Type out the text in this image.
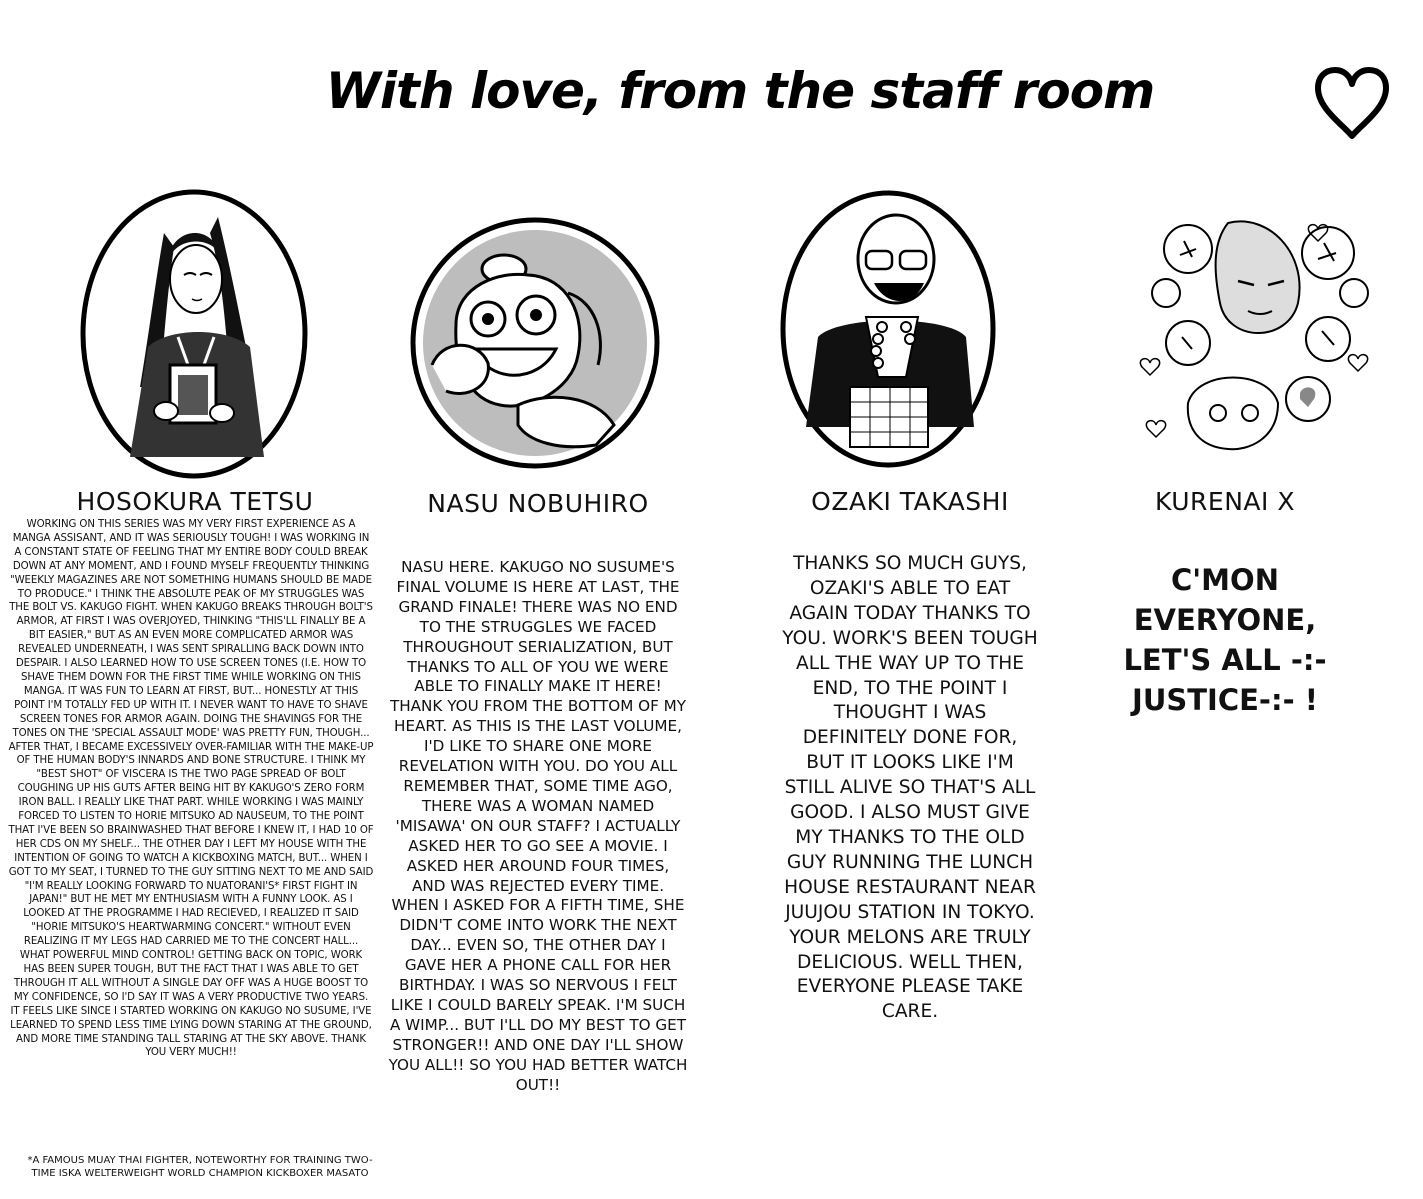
With love, from the staff room
HOSOKURA TETSU	NASU NOBUHIRO	OZAKI TAKASHI	KURENAI X
WORKING ON THIS SERIES WAS MY VERY FIRST EXPERIENCE AS A MANGA ASSISANT, AND IT WAS SERIOUSLY TOUGH! I WAS WORKING IN A CONSTANT STATE OF FEELING THAT MY ENTIRE BODY COULD BREAK DOWN AT ANY MOMENT, AND I FOUND MYSELF FREQUENTLY THINKING "WEEKLY MAGAZINES ARE NOT SOMETHING HUMANS SHOULD BE MADE TO PRODUCE." I THINK THE ABSOLUTE PEAK OF MY STRUGGLES WAS THE BOLT VS. KAKUGO FIGHT. WHEN KAKUGO BREAKS THROUGH BOLT'S ARMOR, AT FIRST I WAS OVERJOYED, THINKING "THIS'LL FINALLY BE A BIT EASIER," BUT AS AN EVEN MORE COMPLICATED ARMOR WAS REVEALED UNDERNEATH, I WAS SENT SPIRALLING BACK DOWN INTO DESPAIR. I ALSO LEARNED HOW TO USE SCREEN TONES (I.E. HOW TO SHAVE THEM DOWN FOR THE FIRST TIME WHILE WORKING ON THIS MANGA. IT WAS FUN TO LEARN AT FIRST, BUT... HONESTLY AT THIS POINT I'M TOTALLY FED UP WITH IT. I NEVER WANT TO HAVE TO SHAVE SCREEN TONES FOR ARMOR AGAIN. DOING THE SHAVINGS FOR THE TONES ON THE 'SPECIAL ASSAULT MODE' WAS PRETTY FUN, THOUGH... AFTER THAT, I BECAME EXCESSIVELY OVER-FAMILIAR WITH THE MAKE-UP OF THE HUMAN BODY'S INNARDS AND BONE STRUCTURE. I THINK MY "BEST SHOT" OF VISCERA IS THE TWO PAGE SPREAD OF BOLT COUGHING UP HIS GUTS AFTER BEING HIT BY KAKUGO'S ZERO FORM IRON BALL. I REALLY LIKE THAT PART. WHILE WORKING I WAS MAINLY FORCED TO LISTEN TO HORIE MITSUKO AD NAUSEUM, TO THE POINT THAT I'VE BEEN SO BRAINWASHED THAT BEFORE I KNEW IT, I HAD 10 OF HER CDS ON MY SHELF... THE OTHER DAY I LEFT MY HOUSE WITH THE INTENTION OF GOING TO WATCH A KICKBOXING MATCH, BUT... WHEN I GOT TO MY SEAT, I TURNED TO THE GUY SITTING NEXT TO ME AND SAID "I'M REALLY LOOKING FORWARD TO NUATORANI'S* FIRST FIGHT IN JAPAN!" BUT HE MET MY ENTHUSIASM WITH A FUNNY LOOK. AS I LOOKED AT THE PROGRAMME I HAD RECIEVED, I REALIZED IT SAID "HORIE MITSUKO'S HEARTWARMING CONCERT." WITHOUT EVEN REALIZING IT MY LEGS HAD CARRIED ME TO THE CONCERT HALL... WHAT POWERFUL MIND CONTROL! GETTING BACK ON TOPIC, WORK HAS BEEN SUPER TOUGH, BUT THE FACT THAT I WAS ABLE TO GET THROUGH IT ALL WITHOUT A SINGLE DAY OFF WAS A HUGE BOOST TO MY CONFIDENCE, SO I'D SAY IT WAS A VERY PRODUCTIVE TWO YEARS. IT FEELS LIKE SINCE I STARTED WORKING ON KAKUGO NO SUSUME, I'VE LEARNED TO SPEND LESS TIME LYING DOWN STARING AT THE GROUND, AND MORE TIME STANDING TALL STARING AT THE SKY ABOVE. THANK YOU VERY MUCH!!
NASU HERE. KAKUGO NO SUSUME'S FINAL VOLUME IS HERE AT LAST, THE GRAND FINALE! THERE WAS NO END TO THE STRUGGLES WE FACED THROUGHOUT SERIALIZATION, BUT THANKS TO ALL OF YOU WE WERE ABLE TO FINALLY MAKE IT HERE! THANK YOU FROM THE BOTTOM OF MY HEART. AS THIS IS THE LAST VOLUME, I'D LIKE TO SHARE ONE MORE REVELATION WITH YOU. DO YOU ALL REMEMBER THAT, SOME TIME AGO, THERE WAS A WOMAN NAMED 'MISAWA' ON OUR STAFF? I ACTUALLY ASKED HER TO GO SEE A MOVIE. I ASKED HER AROUND FOUR TIMES, AND WAS REJECTED EVERY TIME. WHEN I ASKED FOR A FIFTH TIME, SHE DIDN'T COME INTO WORK THE NEXT DAY... EVEN SO, THE OTHER DAY I GAVE HER A PHONE CALL FOR HER BIRTHDAY. I WAS SO NERVOUS I FELT LIKE I COULD BARELY SPEAK. I'M SUCH A WIMP... BUT I'LL DO MY BEST TO GET STRONGER!! AND ONE DAY I'LL SHOW YOU ALL!! SO YOU HAD BETTER WATCH OUT!!
THANKS SO MUCH GUYS, OZAKI'S ABLE TO EAT AGAIN TODAY THANKS TO YOU. WORK'S BEEN TOUGH ALL THE WAY UP TO THE END, TO THE POINT I THOUGHT I WAS DEFINITELY DONE FOR, BUT IT LOOKS LIKE I'M STILL ALIVE SO THAT'S ALL GOOD. I ALSO MUST GIVE MY THANKS TO THE OLD GUY RUNNING THE LUNCH HOUSE RESTAURANT NEAR JUUJOU STATION IN TOKYO. YOUR MELONS ARE TRULY DELICIOUS. WELL THEN, EVERYONE PLEASE TAKE CARE.
C'MON EVERYONE, LET'S ALL -:-JUSTICE-:- !
*A FAMOUS MUAY THAI FIGHTER, NOTEWORTHY FOR TRAINING TWO-TIME ISKA WELTERWEIGHT WORLD CHAMPION KICKBOXER MASATO
